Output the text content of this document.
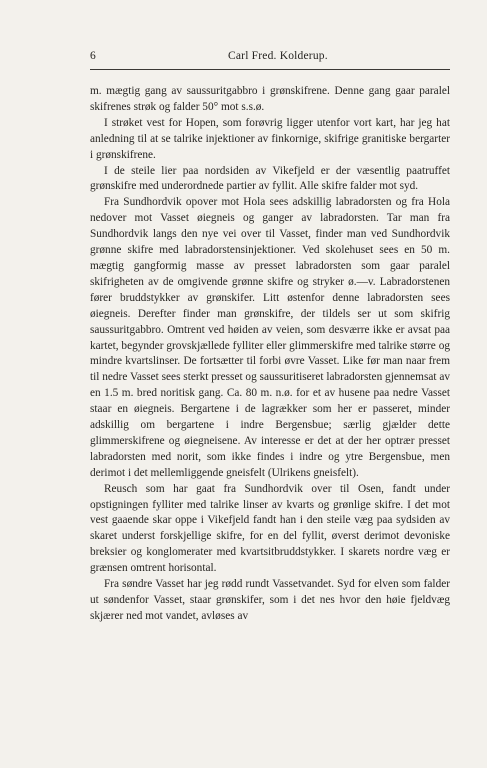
6	Carl Fred. Kolderup.

m. mægtig gang av saussuritgabbro i grønskifrene. Denne gang gaar paralel skifrenes strøk og falder 50° mot s.s.ø.

I strøket vest for Hopen, som forøvrig ligger utenfor vort kart, har jeg hat anledning til at se talrike injektioner av finkornige, skifrige granitiske bergarter i grønskifrene.

I de steile lier paa nordsiden av Vikefjeld er der væsentlig paatruffet grønskifre med underordnede partier av fyllit. Alle skifre falder mot syd.

Fra Sundhordvik opover mot Hola sees adskillig labradorsten og fra Hola nedover mot Vasset øiegneis og ganger av labradorsten. Tar man fra Sundhordvik langs den nye vei over til Vasset, finder man ved Sundhordvik grønne skifre med labradorstensinjektioner. Ved skolehuset sees en 50 m. mægtig gangformig masse av presset labradorsten som gaar paralel skifrigheten av de omgivende grønne skifre og stryker ø.—v. Labradorstenen fører bruddstykker av grønskifer. Litt østenfor denne labradorsten sees øiegneis. Derefter finder man grønskifre, der tildels ser ut som skifrig saussuritgabbro. Omtrent ved høiden av veien, som desværre ikke er avsat paa kartet, begynder grovskjællede fylliter eller glimmerskifre med talrike større og mindre kvartslinser. De fortsætter til forbi øvre Vasset. Like før man naar frem til nedre Vasset sees sterkt presset og saussuritiseret labradorsten gjennemsat av en 1.5 m. bred noritisk gang. Ca. 80 m. n.ø. for et av husene paa nedre Vasset staar en øiegneis. Bergartene i de lagrækker som her er passeret, minder adskillig om bergartene i indre Bergensbue; særlig gjælder dette glimmerskifrene og øiegneisene. Av interesse er det at der her optrær presset labradorsten med norit, som ikke findes i indre og ytre Bergensbue, men derimot i det mellemliggende gneisfelt (Ulrikens gneisfelt).

Reusch som har gaat fra Sundhordvik over til Osen, fandt under opstigningen fylliter med talrike linser av kvarts og grønlige skifre. I det mot vest gaaende skar oppe i Vikefjeld fandt han i den steile væg paa sydsiden av skaret underst forskjellige skifre, for en del fyllit, øverst derimot devoniske breksier og konglomerater med kvartsitbruddstykker. I skarets nordre væg er grænsen omtrent horisontal.

Fra søndre Vasset har jeg rødd rundt Vassetvandet. Syd for elven som falder ut søndenfor Vasset, staar grønskifer, som i det nes hvor den høie fjeldvæg skjærer ned mot vandet, avløses av
